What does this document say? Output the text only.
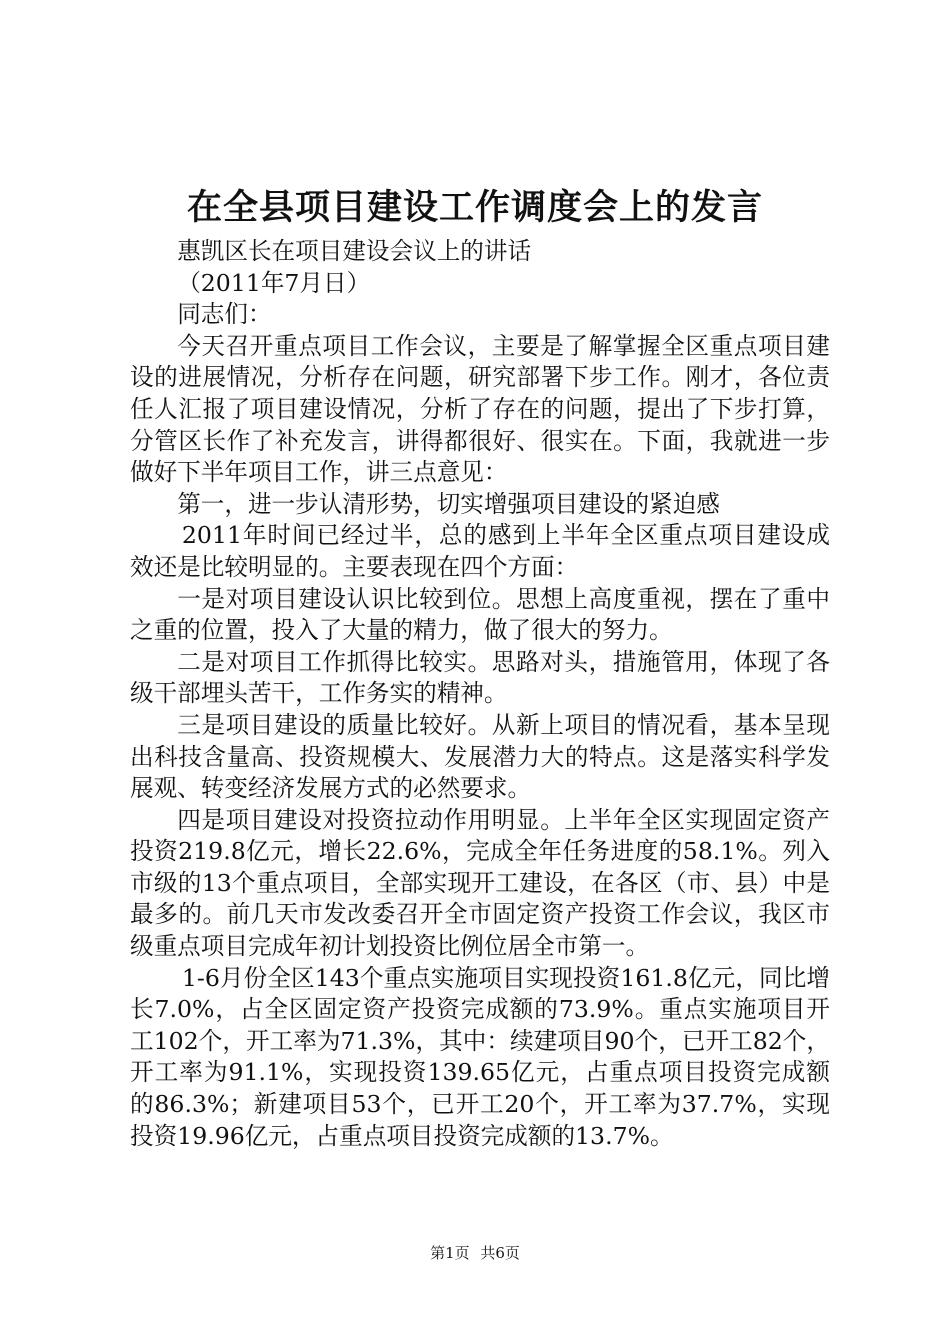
在全县项目建设工作调度会上的发言

惠凯区长在项目建设会议上的讲话

（2011年7月日）

同志们：

今天召开重点项目工作会议，主要是了解掌握全区重点项目建设的进展情况，分析存在问题，研究部署下步工作。刚才，各位责任人汇报了项目建设情况，分析了存在的问题，提出了下步打算，分管区长作了补充发言，讲得都很好、很实在。下面，我就进一步做好下半年项目工作，讲三点意见：

第一，进一步认清形势，切实增强项目建设的紧迫感

2011年时间已经过半，总的感到上半年全区重点项目建设成效还是比较明显的。主要表现在四个方面：

一是对项目建设认识比较到位。思想上高度重视，摆在了重中之重的位置，投入了大量的精力，做了很大的努力。

二是对项目工作抓得比较实。思路对头，措施管用，体现了各级干部埋头苦干，工作务实的精神。

三是项目建设的质量比较好。从新上项目的情况看，基本呈现出科技含量高、投资规模大、发展潜力大的特点。这是落实科学发展观、转变经济发展方式的必然要求。

四是项目建设对投资拉动作用明显。上半年全区实现固定资产投资219.8亿元，增长22.6%，完成全年任务进度的58.1%。列入市级的13个重点项目，全部实现开工建设，在各区（市、县）中是最多的。前几天市发改委召开全市固定资产投资工作会议，我区市级重点项目完成年初计划投资比例位居全市第一。

1-6月份全区143个重点实施项目实现投资161.8亿元，同比增长7.0%，占全区固定资产投资完成额的73.9%。重点实施项目开工102个，开工率为71.3%，其中：续建项目90个，已开工82个，开工率为91.1%，实现投资139.65亿元，占重点项目投资完成额的86.3%；新建项目53个，已开工20个，开工率为37.7%，实现投资19.96亿元，占重点项目投资完成额的13.7%。

第1页 共6页
